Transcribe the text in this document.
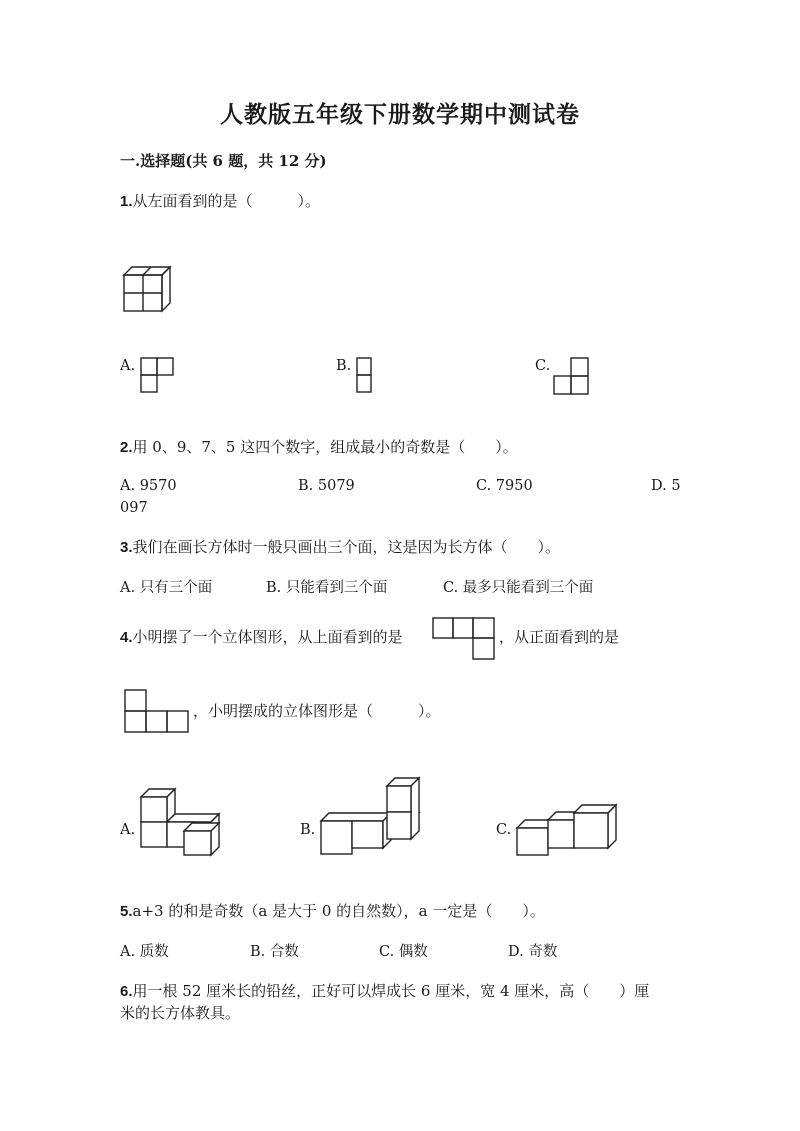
人教版五年级下册数学期中测试卷
一.选择题(共 6 题，共 12 分)
1.从左面看到的是（　　　）。
A.	B.	C.
2.用 0、9、7、5 这四个数字，组成最小的奇数是（　　）。
A. 9570	B. 5079	C. 7950	D. 5
097
3.我们在画长方体时一般只画出三个面，这是因为长方体（　　）。
A. 只有三个面	B. 只能看到三个面	C. 最多只能看到三个面
4.小明摆了一个立体图形，从上面看到的是	，从正面看到的是
，小明摆成的立体图形是（　　　）。
A.	B.	C.
5.a+3 的和是奇数（a 是大于 0 的自然数），a 一定是（　　）。
A. 质数	B. 合数	C. 偶数	D. 奇数
6.用一根 52 厘米长的铅丝，正好可以焊成长 6 厘米，宽 4 厘米，高（　　）厘
米的长方体教具。
